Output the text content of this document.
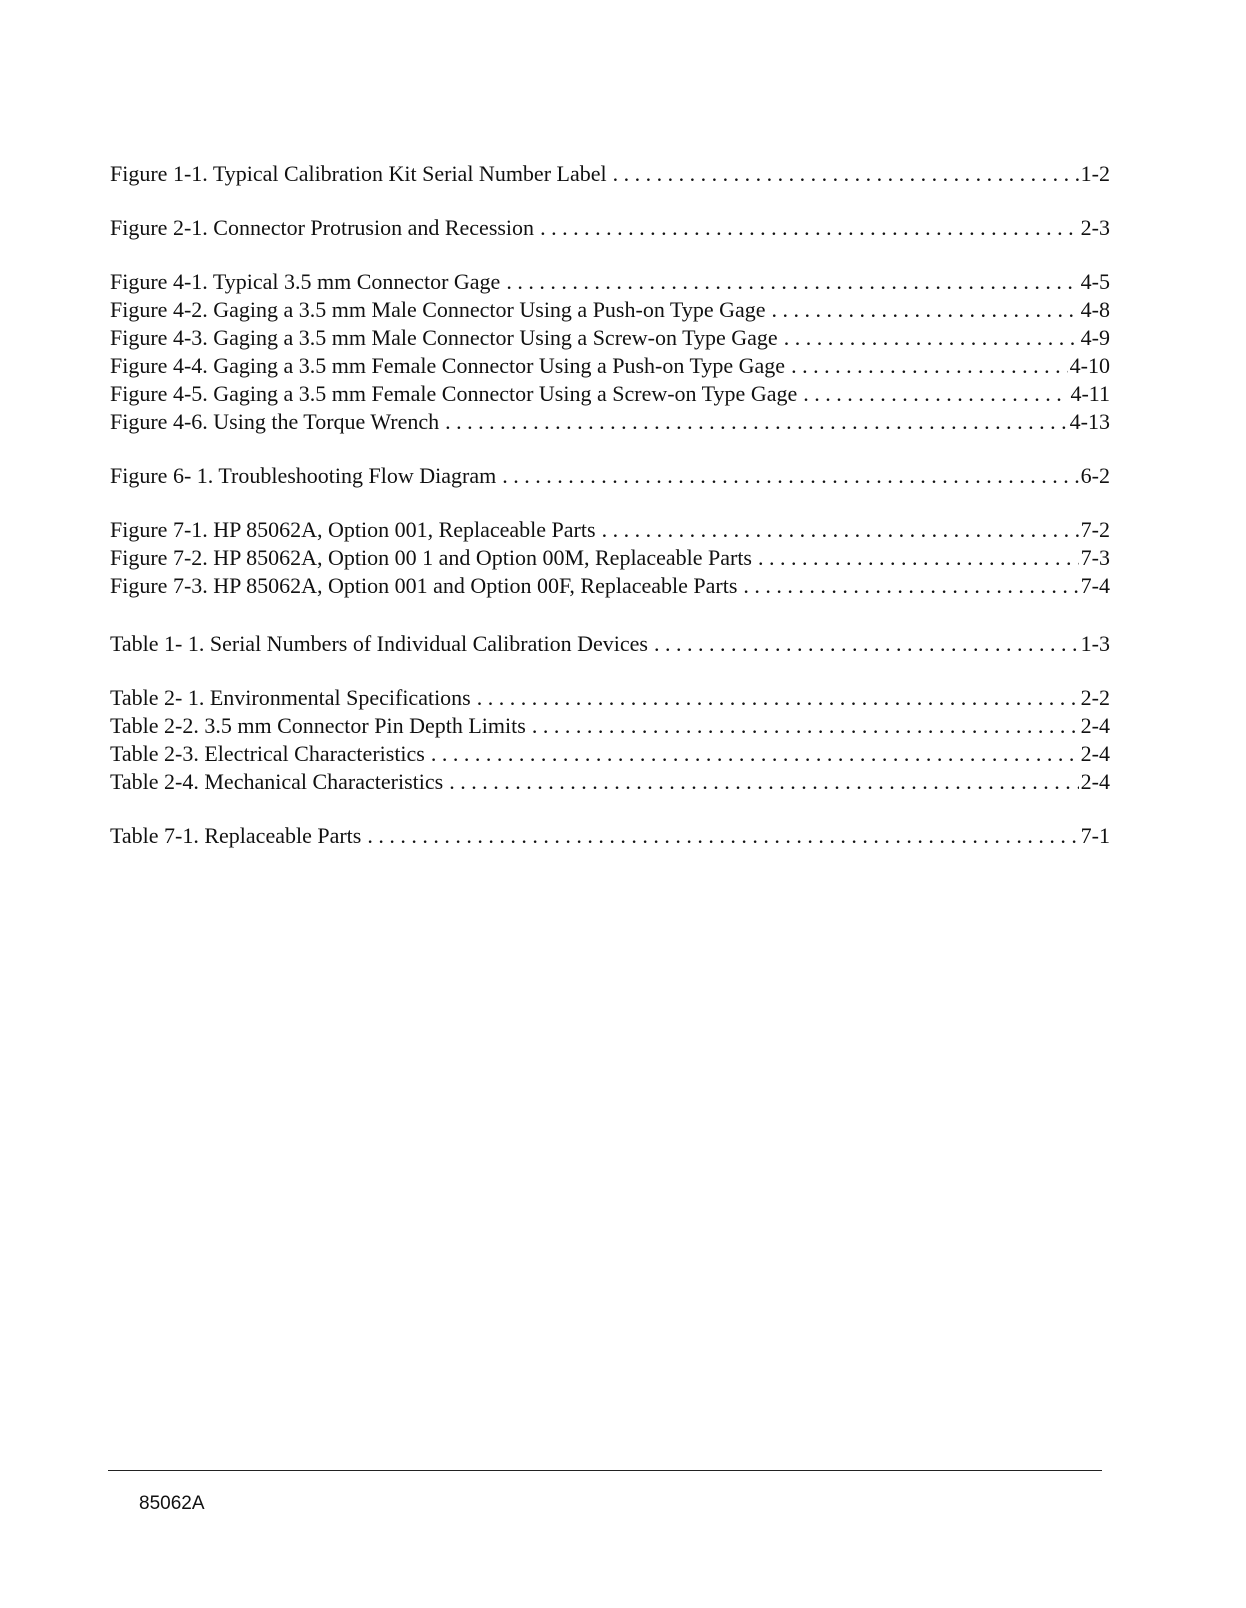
Figure 1-1. Typical Calibration Kit Serial Number Label . . .	1-2
Figure 2-1. Connector Protrusion and Recession . . .	2-3
Figure 4-1. Typical 3.5 mm Connector Gage . . .	4-5
Figure 4-2. Gaging a 3.5 mm Male Connector Using a Push-on Type Gage . . .	4-8
Figure 4-3. Gaging a 3.5 mm Male Connector Using a Screw-on Type Gage . . .	4-9
Figure 4-4. Gaging a 3.5 mm Female Connector Using a Push-on Type Gage . . .	4-10
Figure 4-5. Gaging a 3.5 mm Female Connector Using a Screw-on Type Gage . . .	4-11
Figure 4-6. Using the Torque Wrench . . .	4-13
Figure 6- 1. Troubleshooting Flow Diagram . . .	6-2
Figure 7-1. HP 85062A, Option 001, Replaceable Parts . . .	7-2
Figure 7-2. HP 85062A, Option 00 1 and Option 00M, Replaceable Parts . . .	7-3
Figure 7-3. HP 85062A, Option 001 and Option 00F, Replaceable Parts . . .	7-4
Table 1- 1. Serial Numbers of Individual Calibration Devices . . .	1-3
Table 2- 1. Environmental Specifications . . .	2-2
Table 2-2. 3.5 mm Connector Pin Depth Limits . . .	2-4
Table 2-3. Electrical Characteristics . . .	2-4
Table 2-4. Mechanical Characteristics . . .	2-4
Table 7-1. Replaceable Parts . . .	7-1
85062A
